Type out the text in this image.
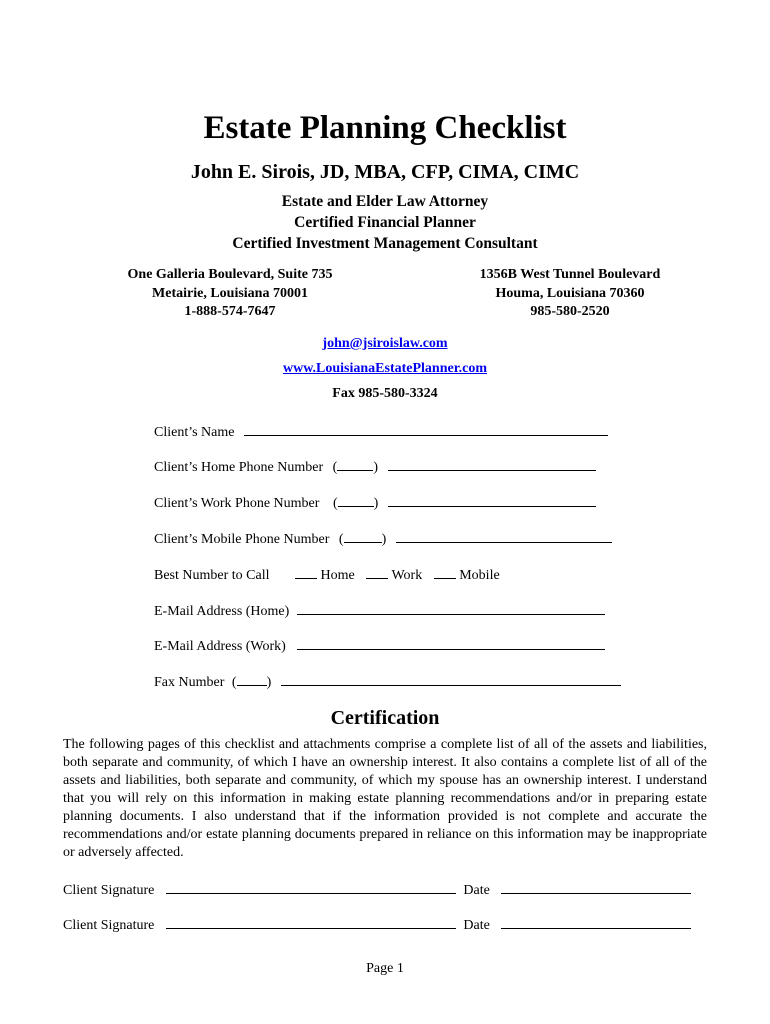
Estate Planning Checklist
John E. Sirois, JD, MBA, CFP, CIMA, CIMC
Estate and Elder Law Attorney
Certified Financial Planner
Certified Investment Management Consultant
One Galleria Boulevard, Suite 735
Metairie, Louisiana 70001
1-888-574-7647
1356B West Tunnel Boulevard
Houma, Louisiana 70360
985-580-2520
john@jsiroislaw.com
www.LouisianaEstatePlanner.com
Fax 985-580-3324
Client’s Name
Client’s Home Phone Number (	)
Client’s Work Phone Number (	)
Client’s Mobile Phone Number (	)
Best Number to Call	Home	Work	Mobile
E-Mail Address (Home)
E-Mail Address (Work)
Fax Number ( )
Certification
The following pages of this checklist and attachments comprise a complete list of all of the assets and liabilities, both separate and community, of which I have an ownership interest. It also contains a complete list of all of the assets and liabilities, both separate and community, of which my spouse has an ownership interest. I understand that you will rely on this information in making estate planning recommendations and/or in preparing estate planning documents. I also understand that if the information provided is not complete and accurate the recommendations and/or estate planning documents prepared in reliance on this information may be inappropriate or adversely affected.
Client Signature	Date
Client Signature	Date
Page 1
